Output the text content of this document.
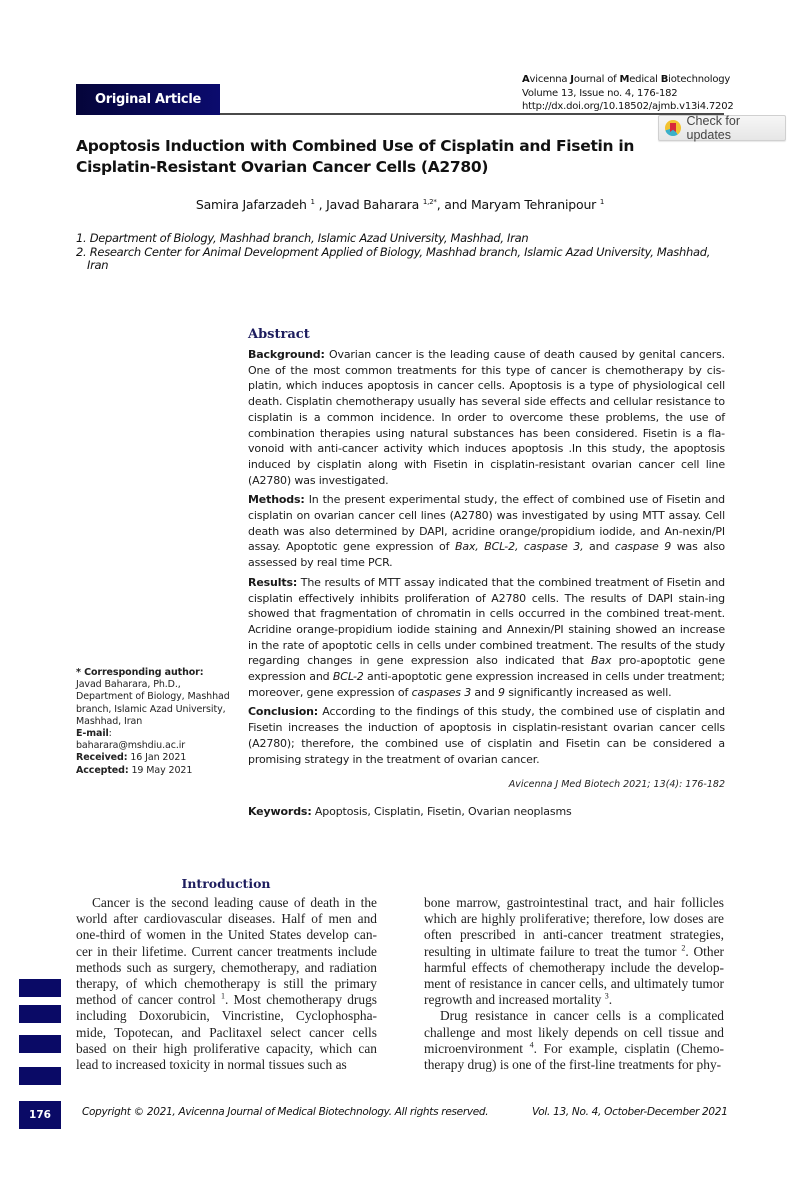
Original Article
Avicenna Journal of Medical Biotechnology
Volume 13, Issue no. 4, 176-182
http://dx.doi.org/10.18502/ajmb.v13i4.7202
Check for updates
Apoptosis Induction with Combined Use of Cisplatin and Fisetin in Cisplatin-Resistant Ovarian Cancer Cells (A2780)
Samira Jafarzadeh $^1$ , Javad Baharara $^{1,2*}$, and Maryam Tehranipour $^1$
1. Department of Biology, Mashhad branch, Islamic Azad University, Mashhad, Iran
2. Research Center for Animal Development Applied of Biology, Mashhad branch, Islamic Azad University, Mashhad,
Iran
Abstract

Background: Ovarian cancer is the leading cause of death caused by genital cancers. One of the most common treatments for this type of cancer is chemotherapy by cis-platin, which induces apoptosis in cancer cells. Apoptosis is a type of physiological cell death. Cisplatin chemotherapy usually has several side effects and cellular resistance to cisplatin is a common incidence. In order to overcome these problems, the use of combination therapies using natural substances has been considered. Fisetin is a fla-vonoid with anti-cancer activity which induces apoptosis .In this study, the apoptosis induced by cisplatin along with Fisetin in cisplatin-resistant ovarian cancer cell line (A2780) was investigated.

Methods: In the present experimental study, the effect of combined use of Fisetin and cisplatin on ovarian cancer cell lines (A2780) was investigated by using MTT assay. Cell death was also determined by DAPI, acridine orange/propidium iodide, and An-nexin/PI assay. Apoptotic gene expression of Bax, BCL-2, caspase 3, and caspase 9 was also assessed by real time PCR.

Results: The results of MTT assay indicated that the combined treatment of Fisetin and cisplatin effectively inhibits proliferation of A2780 cells. The results of DAPI stain-ing showed that fragmentation of chromatin in cells occurred in the combined treat-ment. Acridine orange-propidium iodide staining and Annexin/PI staining showed an increase in the rate of apoptotic cells in cells under combined treatment. The results of the study regarding changes in gene expression also indicated that Bax pro-apoptotic gene expression and BCL-2 anti-apoptotic gene expression increased in cells under treatment; moreover, gene expression of caspases 3 and 9 significantly increased as well.

Conclusion: According to the findings of this study, the combined use of cisplatin and Fisetin increases the induction of apoptosis in cisplatin-resistant ovarian cancer cells (A2780); therefore, the combined use of cisplatin and Fisetin can be considered a promising strategy in the treatment of ovarian cancer.

Avicenna J Med Biotech 2021; 13(4): 176-182
Keywords: Apoptosis, Cisplatin, Fisetin, Ovarian neoplasms
* Corresponding author:
Javad Baharara, Ph.D.,
Department of Biology, Mashhad branch, Islamic Azad University, Mashhad, Iran
E-mail:
baharara@mshdiu.ac.ir
Received: 16 Jan 2021
Accepted: 19 May 2021
Introduction

Cancer is the second leading cause of death in the world after cardiovascular diseases. Half of men and one-third of women in the United States develop can-cer in their lifetime. Current cancer treatments include methods such as surgery, chemotherapy, and radiation therapy, of which chemotherapy is still the primary method of cancer control $^1$. Most chemotherapy drugs including Doxorubicin, Vincristine, Cyclophospha-mide, Topotecan, and Paclitaxel select cancer cells based on their high proliferative capacity, which can lead to increased toxicity in normal tissues such as

bone marrow, gastrointestinal tract, and hair follicles which are highly proliferative; therefore, low doses are often prescribed in anti-cancer treatment strategies, resulting in ultimate failure to treat the tumor $^2$. Other harmful effects of chemotherapy include the develop-ment of resistance in cancer cells, and ultimately tumor regrowth and increased mortality $^3$.

Drug resistance in cancer cells is a complicated challenge and most likely depends on cell tissue and microenvironment $^4$. For example, cisplatin (Chemo-therapy drug) is one of the first-line treatments for phy-

176	Copyright © 2021, Avicenna Journal of Medical Biotechnology. All rights reserved.	Vol. 13, No. 4, October-December 2021
